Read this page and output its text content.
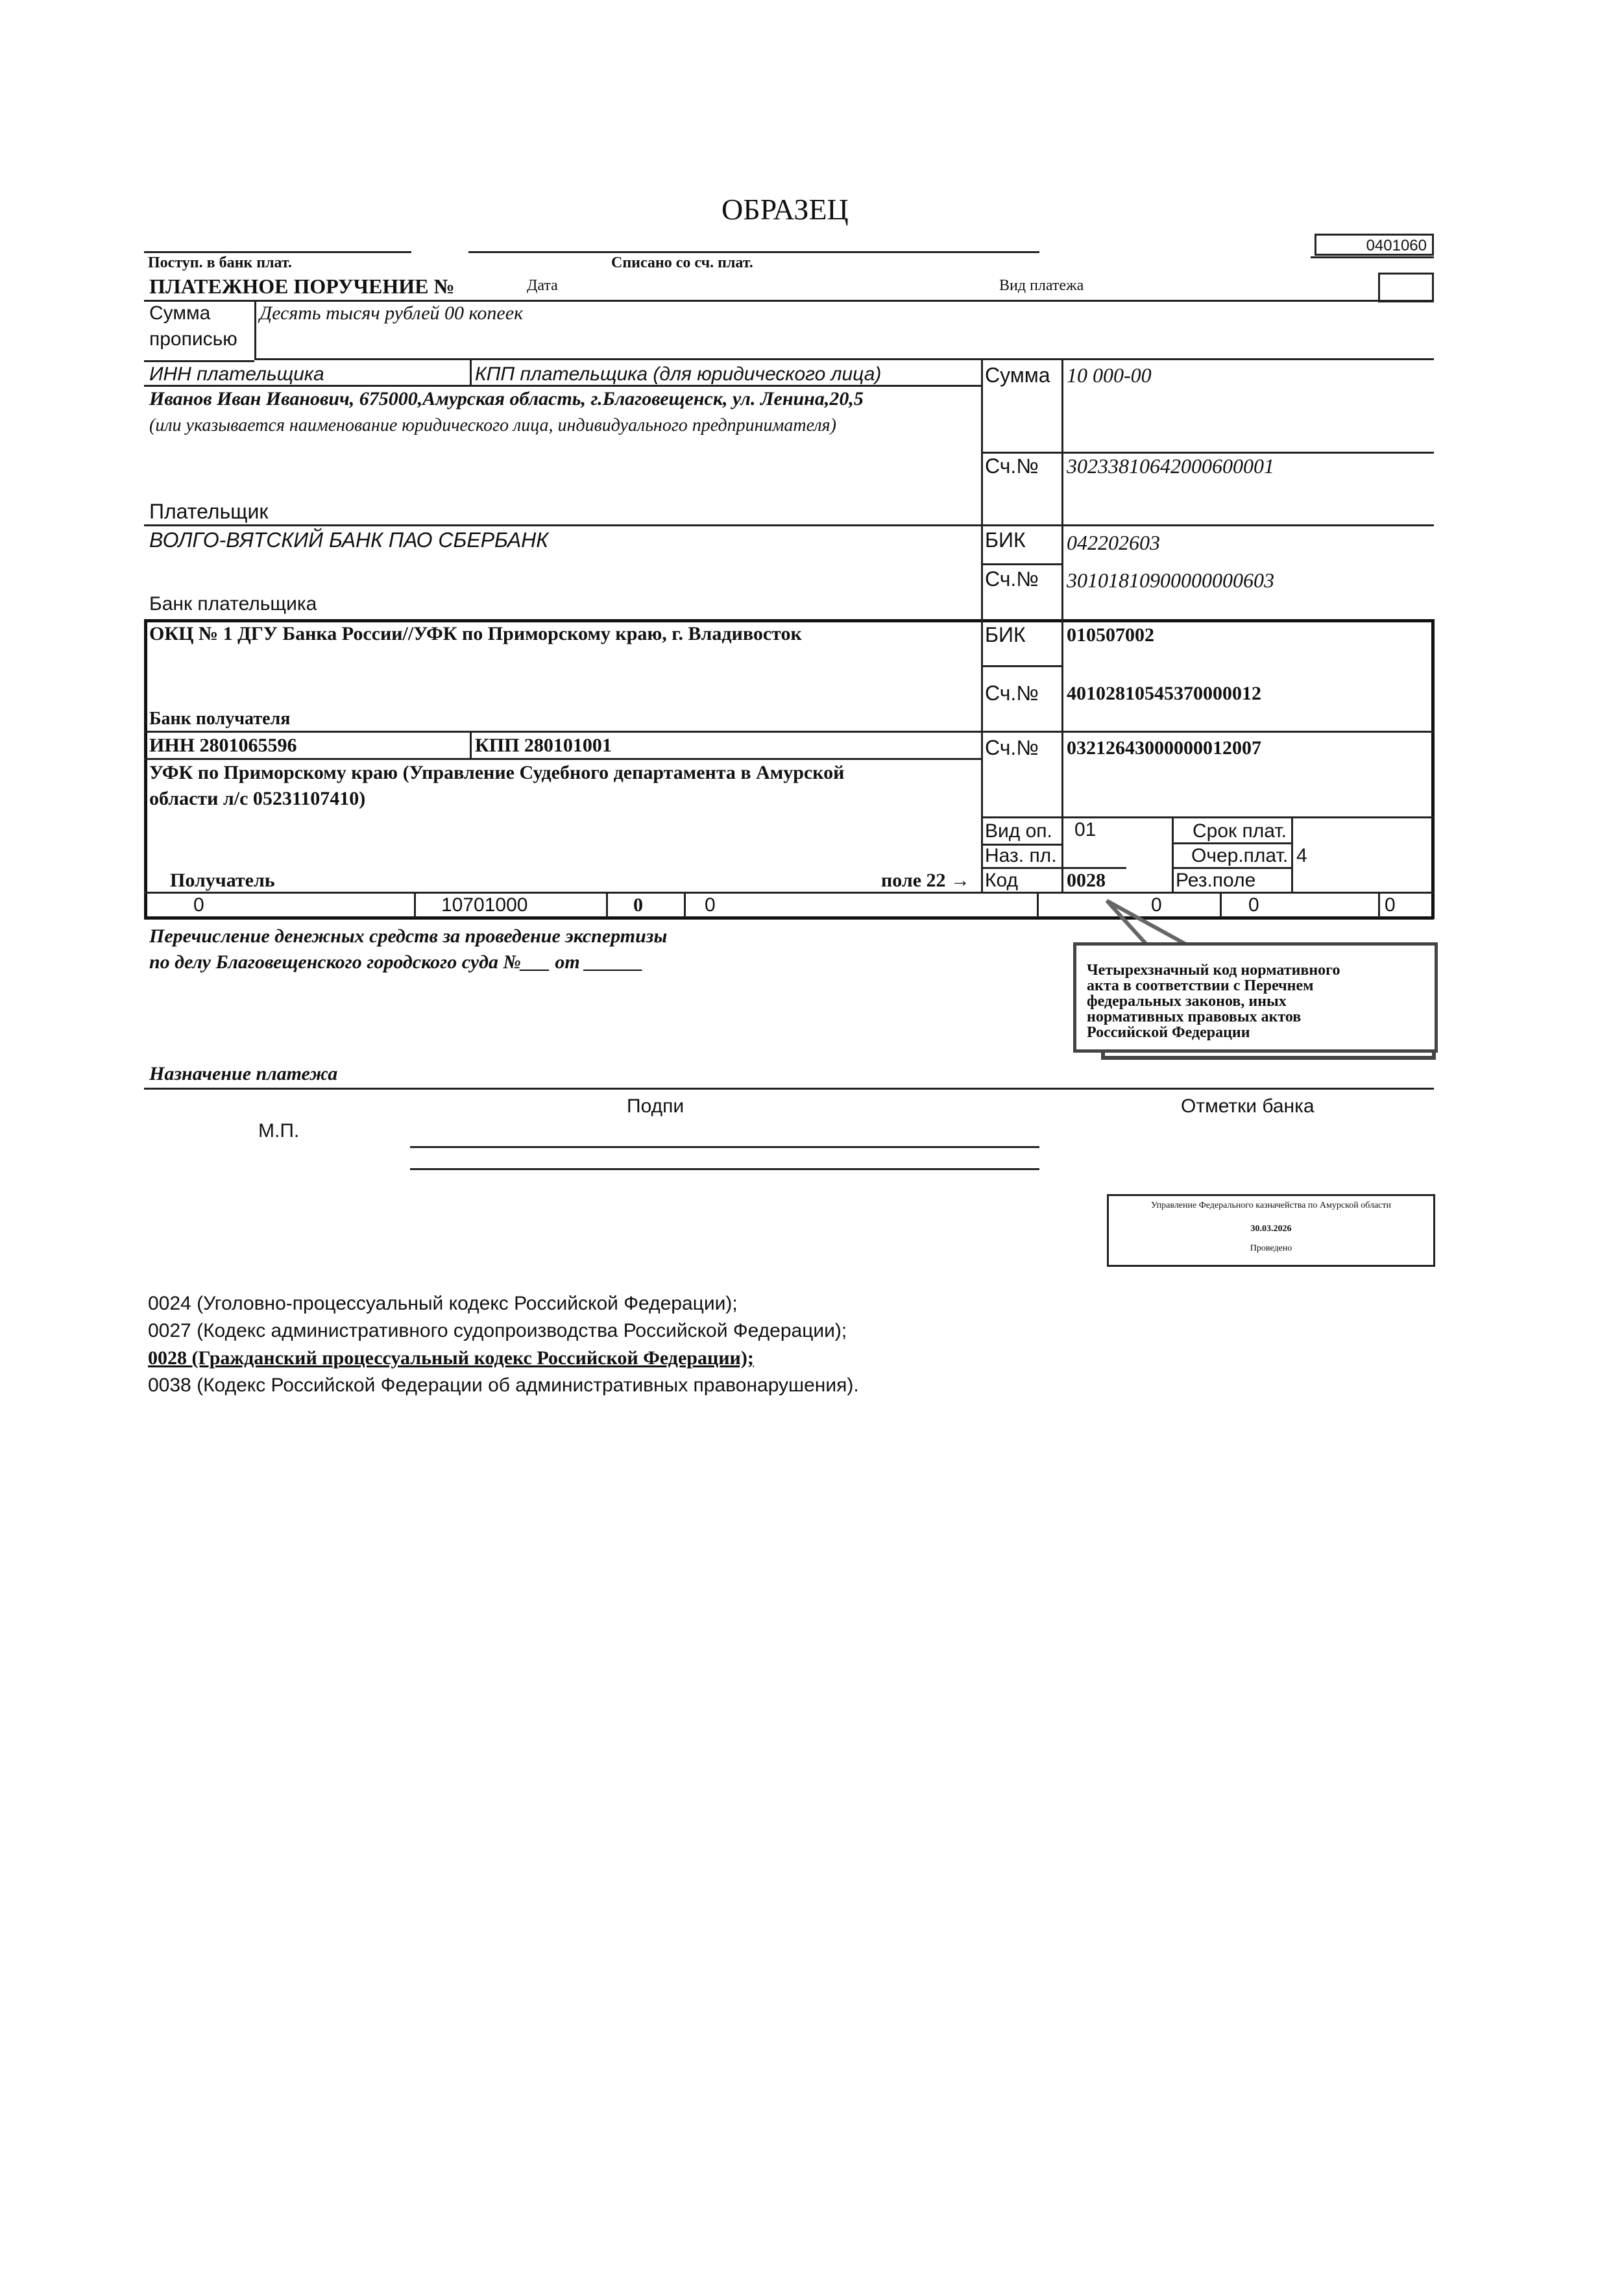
ОБРАЗЕЦ
0401060
Поступ. в банк плат.	Списано со сч. плат.
ПЛАТЕЖНОЕ ПОРУЧЕНИЕ №	Дата	Вид платежа
Сумма
прописью
Десять тысяч рублей 00 копеек
ИНН плательщика	КПП плательщика (для юридического лица)	Сумма 10 000-00
Сч.№ 30233810642000600001
Иванов Иван Иванович, 675000,Амурская область, г.Благовещенск, ул. Ленина,20,5
(или указывается наименование юридического лица, индивидуального предпринимателя)
Плательщик
ВОЛГО-ВЯТСКИЙ БАНК ПАО СБЕРБАНК	БИК 042202603
Сч.№ 30101810900000000603
Банк плательщика
ОКЦ № 1 ДГУ Банка России//УФК по Приморскому краю, г. Владивосток	БИК 010507002
Сч.№ 40102810545370000012
Банк получателя
ИНН 2801065596	КПП 280101001	Сч.№ 03212643000000012007
УФК по Приморскому краю (Управление Судебного департамента в Амурской
области л/с 05231107410)
Вид оп. 01	Срок плат.
Наз. пл.	Очер.плат. 4
Код 0028	Рез.поле
Получатель	поле 22 →
0	10701000	0	0	0	0	0
Перечисление денежных средств за проведение экспертизы
по делу Благовещенского городского суда №___ от ______
Назначение платежа
Четырехзначный код нормативного
акта в соответствии с Перечнем
федеральных законов, иных
нормативных правовых актов
Российской Федерации
Подпи	Отметки банка
М.П.
Управление Федерального казначейства по Амурской области
30.03.2026
Проведено
0024 (Уголовно-процессуальный кодекс Российской Федерации);
0027 (Кодекс административного судопроизводства Российской Федерации);
0028 (Гражданский процессуальный кодекс Российской Федерации);
0038 (Кодекс Российской Федерации об административных правонарушения).
